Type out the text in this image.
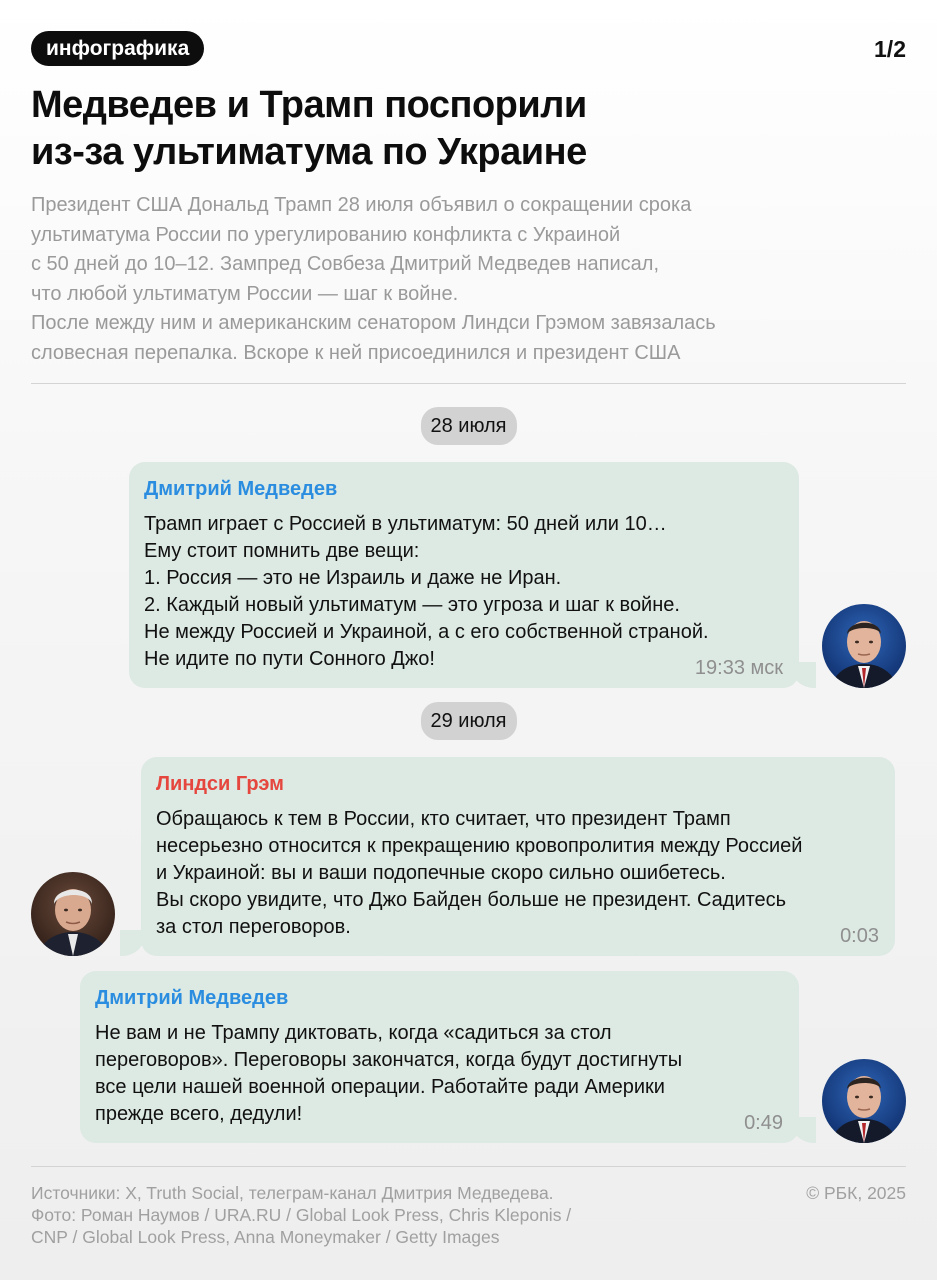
инфографика	1/2
Медведев и Трамп поспорили
из-за ультиматума по Украине

Президент США Дональд Трамп 28 июля объявил о сокращении срока

ультиматума России по урегулированию конфликта с Украиной

с 50 дней до 10–12. Зампред Совбеза Дмитрий Медведев написал,

что любой ультиматум России — шаг к войне.

После между ним и американским сенатором Линдси Грэмом завязалась

словесная перепалка. Вскоре к ней присоединился и президент США

28 июля
Дмитрий Медведев

Трамп играет с Россией в ультиматум: 50 дней или 10…

Ему стоит помнить две вещи:

1. Россия — это не Израиль и даже не Иран.

2. Каждый новый ультиматум — это угроза и шаг к войне.

Не между Россией и Украиной, а с его собственной страной.

Не идите по пути Сонного Джо!	19:33 мск
29 июля
Линдси Грэм

Обращаюсь к тем в России, кто считает, что президент Трамп

несерьезно относится к прекращению кровопролития между Россией

и Украиной: вы и ваши подопечные скоро сильно ошибетесь.

Вы скоро увидите, что Джо Байден больше не президент. Садитесь

за стол переговоров.	0:03
Дмитрий Медведев

Не вам и не Трампу диктовать, когда «садиться за стол

переговоров». Переговоры закончатся, когда будут достигнуты

все цели нашей военной операции. Работайте ради Америки

прежде всего, дедули!	0:49

Источники: X, Truth Social, телеграм-канал Дмитрия Медведева.

Фото: Роман Наумов / URA.RU / Global Look Press, Chris Kleponis /

CNP / Global Look Press, Anna Moneymaker / Getty Images

© РБК, 2025
